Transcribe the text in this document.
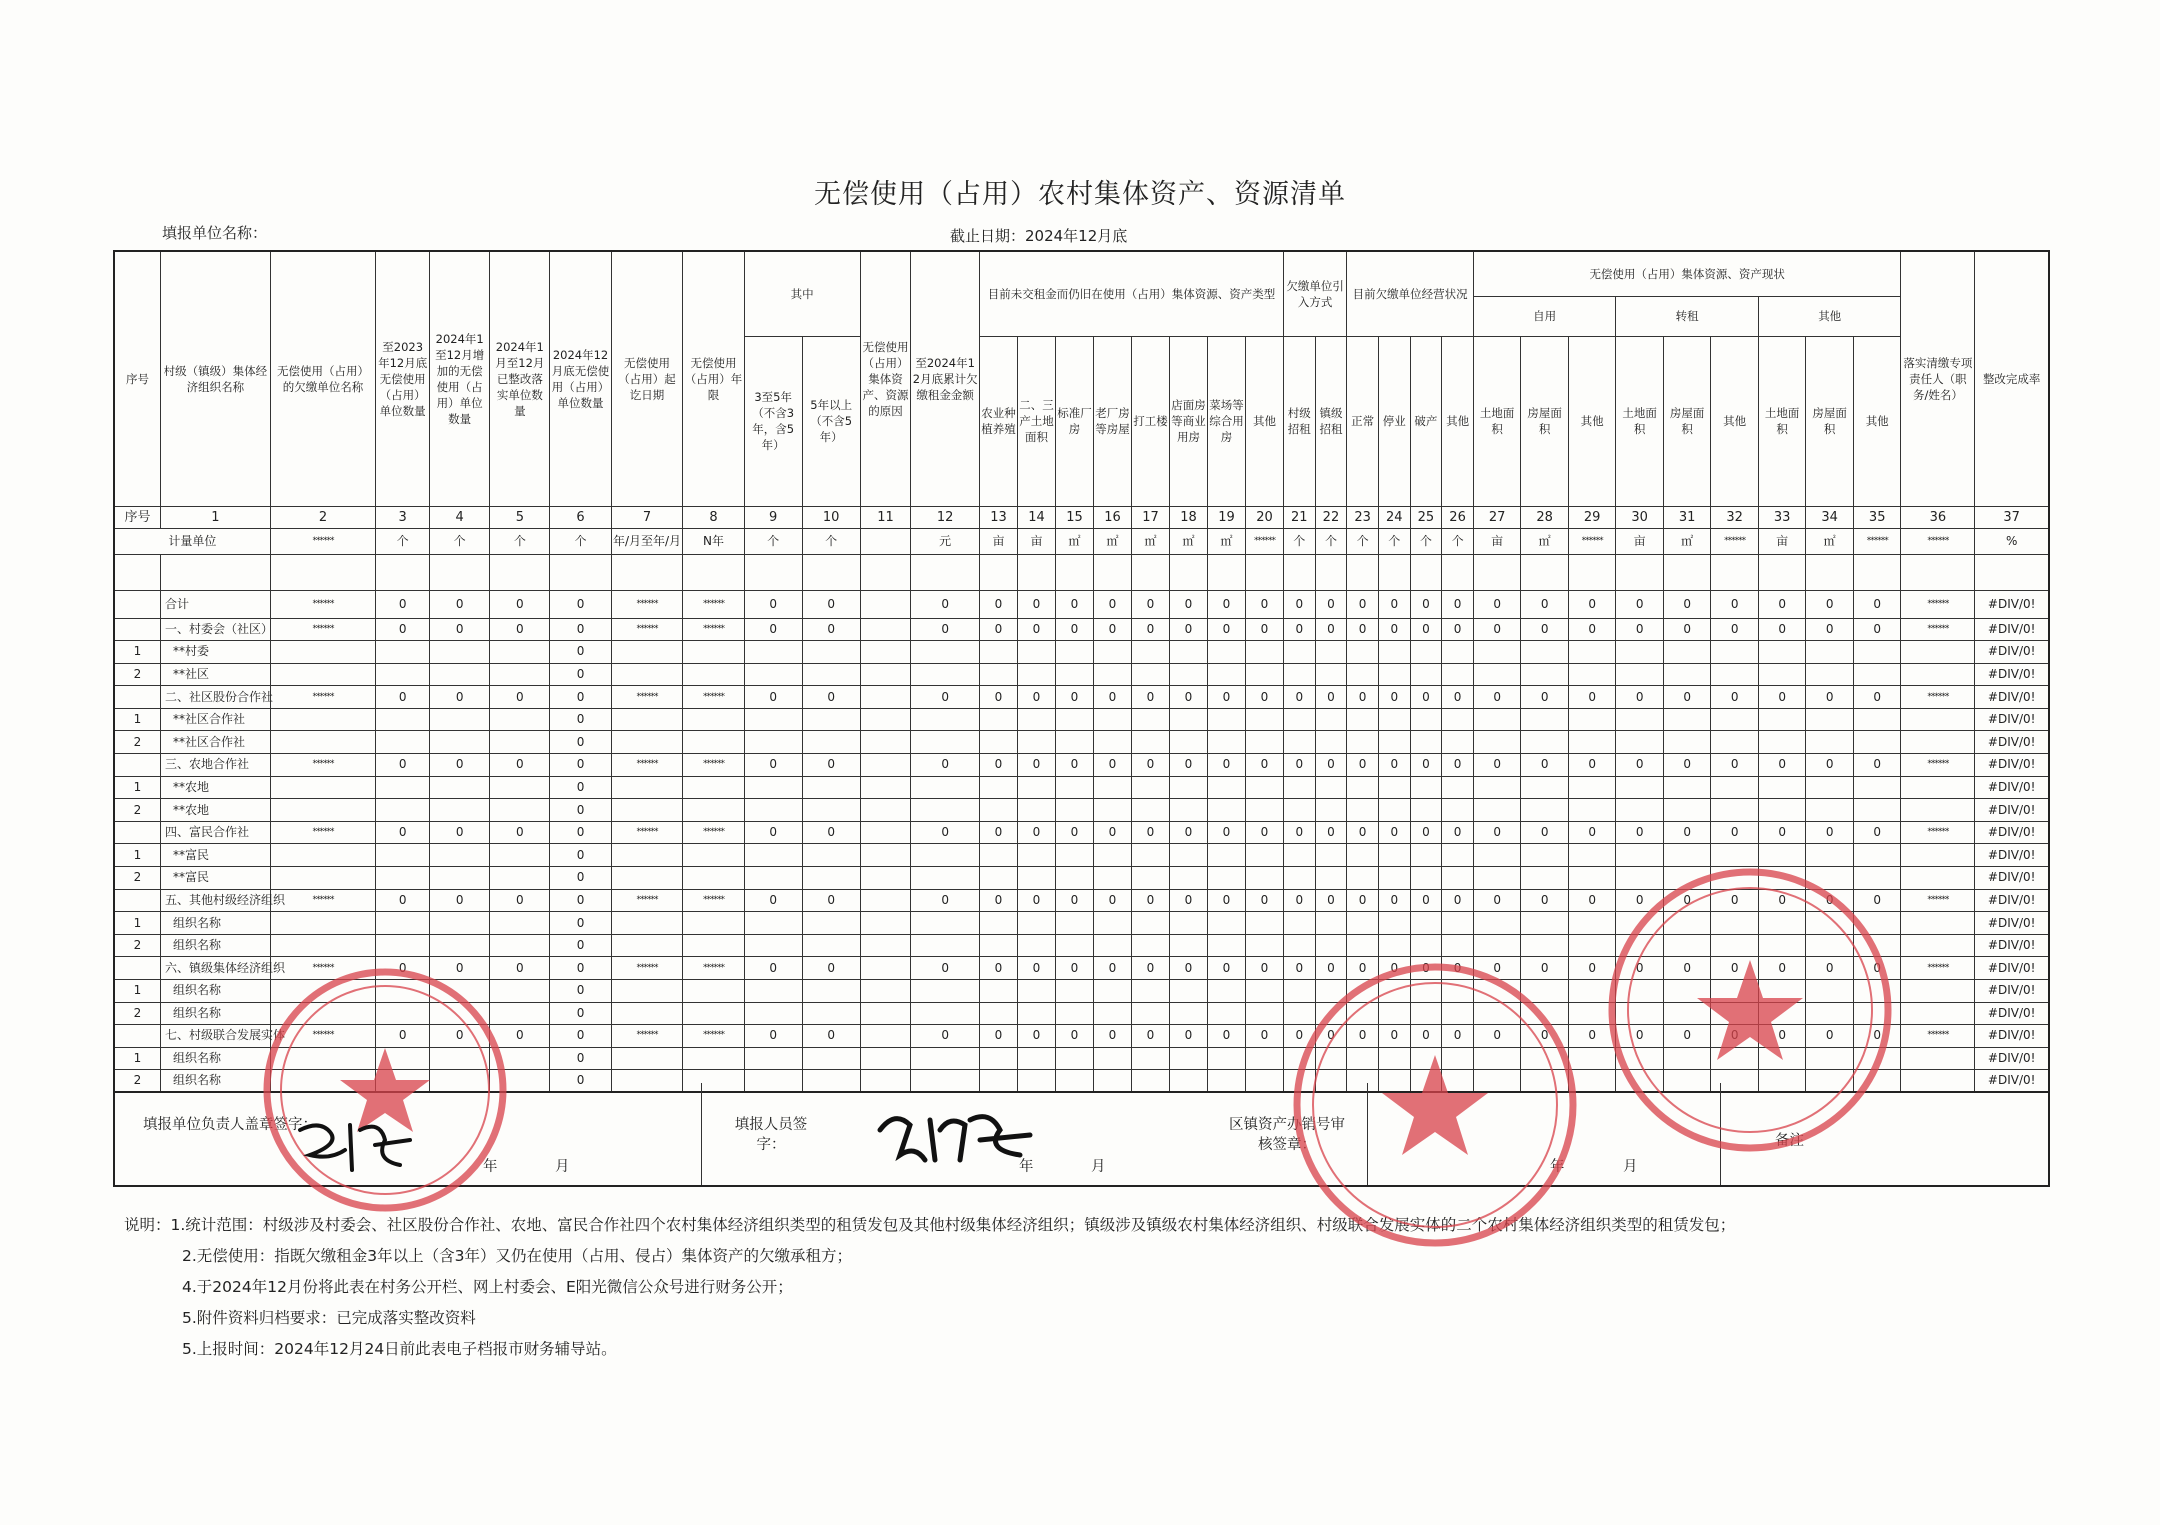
无偿使用（占用）农村集体资产、资源清单
填报单位名称：	截止日期：2024年12月底
序号	村级（镇级）集体经济组织名称	无偿使用（占用）的欠缴单位名称	至2023年12月底无偿使用（占用）单位数量	2024年1至12月增加的无偿使用（占用）单位数量	2024年1月至12月已整改落实单位数量	2024年12月底无偿使用（占用）单位数量	无偿使用（占用）起讫日期	无偿使用（占用）年限	其中		无偿使用（占用）集体资产、资源的原因	至2024年12月底累计欠缴租金金额	目前未交租金而仍旧在使用（占用）集体资源、资产类型								欠缴单位引入方式		目前欠缴单位经营状况				无偿使用（占用）集体资源、资产现状									落实清缴专项责任人（职务/姓名）	整改完成率
																											自用			转租			其他				
									3至5年（不含3年，含5年）	5年以上（不含5年）			农业种植养殖	二、三产土地面积	标准厂房	老厂房等房屋	打工楼	店面房等商业用房	菜场等综合用房	其他	村级招租	镇级招租	正常	停业	破产	其他	土地面积	房屋面积	其他	土地面积	房屋面积	其他	土地面积	房屋面积	其他		
序号	1	2	3	4	5	6	7	8	9	10	11	12	13	14	15	16	17	18	19	20	21	22	23	24	25	26	27	28	29	30	31	32	33	34	35	36	37
计量单位		******	个	个	个	个	年/月至年/月	N年	个	个		元	亩	亩	㎡	㎡	㎡	㎡	㎡	******	个	个	个	个	个	个	亩	㎡	******	亩	㎡	******	亩	㎡	******	******	%

	合计	******	0	0	0	0	******	******	0	0		0	0	0	0	0	0	0	0	0	0	0	0	0	0	0	0	0	0	0	0	0	0	0	0	******	#DIV/0!
	一、村委会（社区）	******	0	0	0	0	******	******	0	0		0	0	0	0	0	0	0	0	0	0	0	0	0	0	0	0	0	0	0	0	0	0	0	0	******	#DIV/0!
1	**村委					0																															#DIV/0!
2	**社区					0																															#DIV/0!
	二、社区股份合作社	******	0	0	0	0	******	******	0	0		0	0	0	0	0	0	0	0	0	0	0	0	0	0	0	0	0	0	0	0	0	0	0	0	******	#DIV/0!
1	**社区合作社					0																															#DIV/0!
2	**社区合作社					0																															#DIV/0!
	三、农地合作社	******	0	0	0	0	******	******	0	0		0	0	0	0	0	0	0	0	0	0	0	0	0	0	0	0	0	0	0	0	0	0	0	0	******	#DIV/0!
1	**农地					0																															#DIV/0!
2	**农地					0																															#DIV/0!
	四、富民合作社	******	0	0	0	0	******	******	0	0		0	0	0	0	0	0	0	0	0	0	0	0	0	0	0	0	0	0	0	0	0	0	0	0	******	#DIV/0!
1	**富民					0																															#DIV/0!
2	**富民					0																															#DIV/0!
	五、其他村级经济组织	******	0	0	0	0	******	******	0	0		0	0	0	0	0	0	0	0	0	0	0	0	0	0	0	0	0	0	0	0	0	0	0	0	******	#DIV/0!
1	组织名称					0																															#DIV/0!
2	组织名称					0																															#DIV/0!
	六、镇级集体经济组织	******	0	0	0	0	******	******	0	0		0	0	0	0	0	0	0	0	0	0	0	0	0	0	0	0	0	0	0	0	0	0	0	0	******	#DIV/0!
1	组织名称					0																															#DIV/0!
2	组织名称					0																															#DIV/0!
	七、村级联合发展实体	******	0	0	0	0	******	******	0	0		0	0	0	0	0	0	0	0	0	0	0	0	0	0	0	0	0	0	0	0		0	0	0	******	#DIV/0!
1	组织名称					0																															#DIV/0!
2	组织名称					0																															#DIV/0!
填报单位负责人盖章签字：
年	月
填报人员签字：
年	月
区镇资产办销号审核签章：
年	月
备注
说明：1.统计范围：村级涉及村委会、社区股份合作社、农地、富民合作社四个农村集体经济组织类型的租赁发包及其他村级集体经济组织；镇级涉及镇级农村集体经济组织、村级联合发展实体的二个农村集体经济组织类型的租赁发包；
2.无偿使用：指既欠缴租金3年以上（含3年）又仍在使用（占用、侵占）集体资产的欠缴承租方；
4.于2024年12月份将此表在村务公开栏、网上村委会、E阳光微信公众号进行财务公开；
5.附件资料归档要求：已完成落实整改资料
5.上报时间：2024年12月24日前此表电子档报市财务辅导站。
